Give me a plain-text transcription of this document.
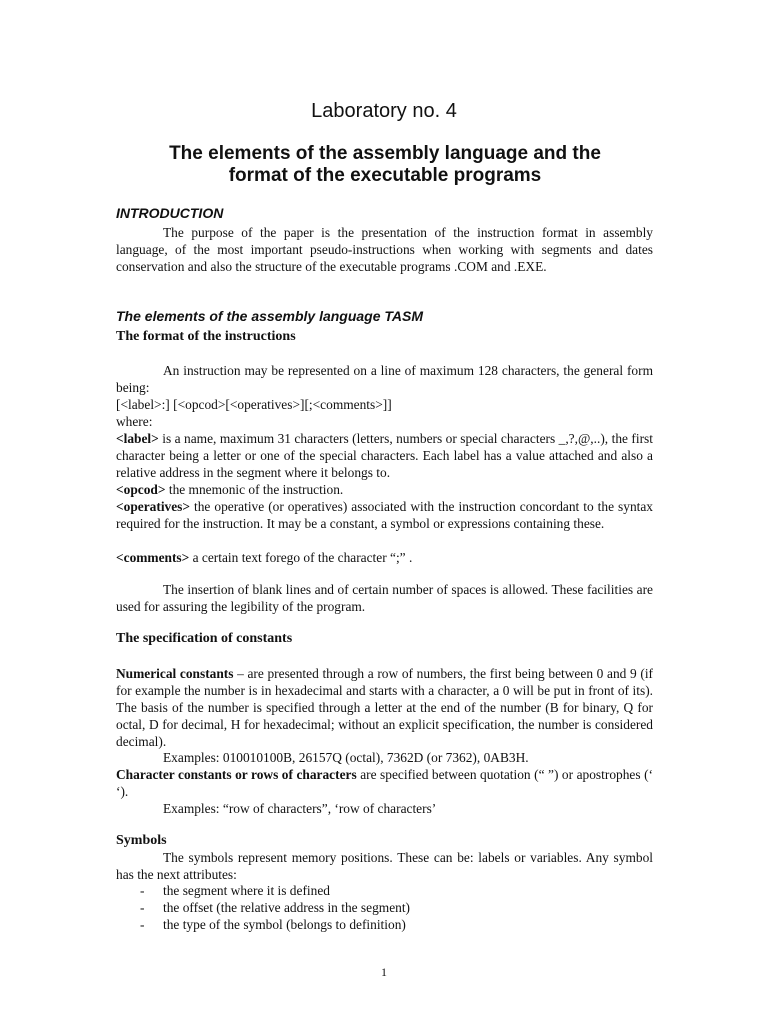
Laboratory no. 4
The elements of the assembly language and the format of the executable programs
INTRODUCTION
The purpose of the paper is the presentation of the instruction format in assembly language, of the most important pseudo-instructions when working with segments and dates conservation and also the structure of the executable programs .COM and .EXE.
The elements of the assembly language TASM
The format of the instructions
An instruction may be represented on a line of maximum 128 characters, the general form being:
[<label>:] [<opcod>[<operatives>][;<comments>]]
where:
<label> is a name, maximum 31 characters (letters, numbers or special characters _,?,@,..), the first character being a letter or one of the special characters. Each label has a value attached and also a relative address in the segment where it belongs to.
<opcod> the mnemonic of the instruction.
<operatives> the operative (or operatives) associated with the instruction concordant to the syntax required for the instruction. It may be a constant, a symbol or expressions containing these.
<comments> a certain text forego of the character “;” .
The insertion of blank lines and of certain number of spaces is allowed. These facilities are used for assuring the legibility of the program.
The specification of constants
Numerical constants – are presented through a row of numbers, the first being between 0 and 9 (if for example the number is in hexadecimal and starts with a character, a 0 will be put in front of its). The basis of the number is specified through a letter at the end of the number (B for binary, Q for octal, D for decimal, H for hexadecimal; without an explicit specification, the number is considered decimal).
Examples: 010010100B, 26157Q (octal), 7362D (or 7362), 0AB3H.
Character constants or rows of characters are specified between quotation (“ ”) or apostrophes (‘ ‘).
Examples: “row of characters”, ‘row of characters’
Symbols
The symbols represent memory positions. These can be: labels or variables. Any symbol has the next attributes:
- the segment where it is defined
- the offset (the relative address in the segment)
- the type of the symbol (belongs to definition)
1
